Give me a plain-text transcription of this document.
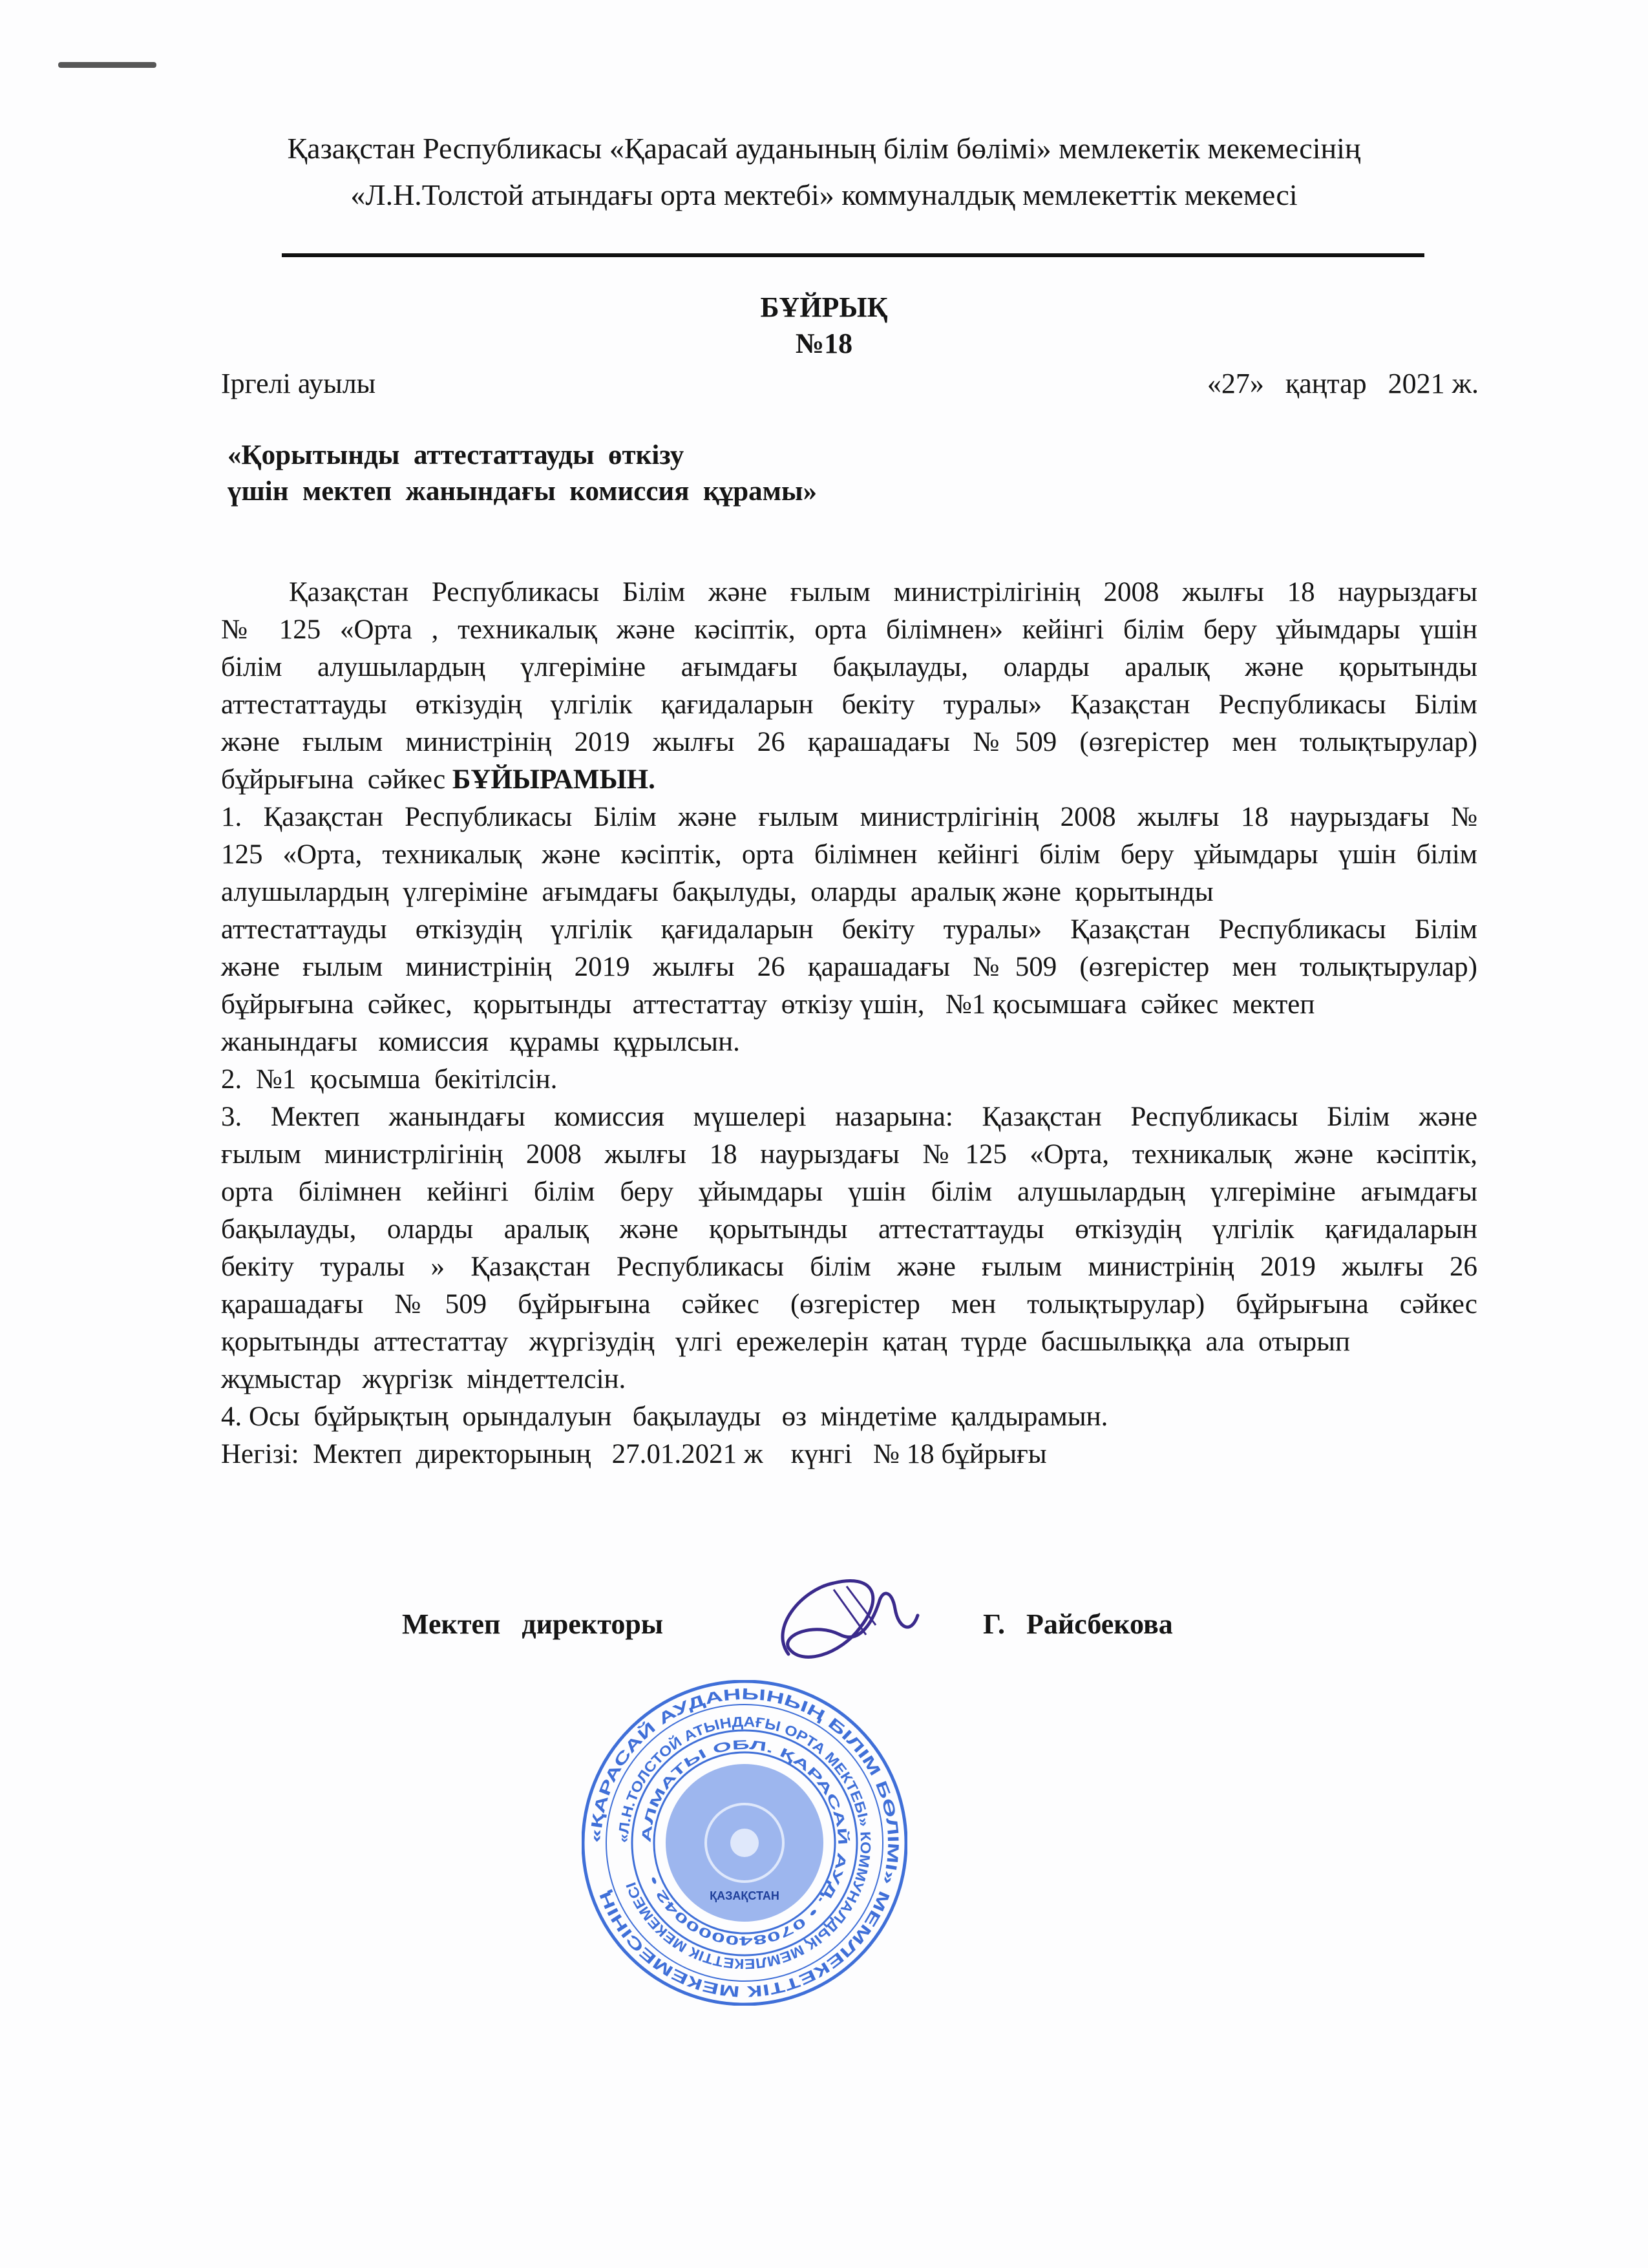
Қазақстан Республикасы «Қарасай ауданының білім бөлімі» мемлекетік мекемесінің
«Л.Н.Толстой атындағы орта мектебі» коммуналдық мемлекеттік мекемесі
БҰЙРЫҚ
№18
Іргелі ауылы	«27»   қаңтар   2021 ж.
«Қорытынды  аттестаттауды  өткізу
үшін  мектеп  жанындағы  комиссия  құрамы»
Қазақстан Республикасы Білім және ғылым министрілігінің 2008 жылғы 18 наурыздағы
№ 125 «Орта , техникалық және кәсіптік, орта білімнен» кейінгі білім беру ұйымдары үшін
білім алушылардың үлгеріміне ағымдағы бақылауды, оларды аралық және қорытынды
аттестаттауды өткізудің үлгілік қағидаларын бекіту туралы» Қазақстан Республикасы Білім
және ғылым министрінің 2019 жылғы 26 қарашадағы №509 (өзгерістер мен толықтырулар)
бұйрығына  сәйкес БҰЙЫРАМЫН.
1. Қазақстан Республикасы Білім және ғылым министрлігінің 2008 жылғы 18 наурыздағы №
125 «Орта, техникалық және кәсіптік, орта білімнен кейінгі білім беру ұйымдары үшін білім
алушылардың  үлгеріміне  ағымдағы  бақылуды,  оларды  аралық және  қорытынды
аттестаттауды өткізудің үлгілік қағидаларын бекіту туралы» Қазақстан Республикасы Білім
және ғылым министрінің 2019 жылғы 26 қарашадағы №509 (өзгерістер мен толықтырулар)
бұйрығына  сәйкес,   қорытынды   аттестаттау  өткізу үшін,   №1 қосымшаға  сәйкес  мектеп
жанындағы   комиссия   құрамы  құрылсын.
2.  №1  қосымша  бекітілсін.
3. Мектеп жанындағы комиссия мүшелері назарына: Қазақстан Республикасы Білім және
ғылым министрлігінің 2008 жылғы 18 наурыздағы №125 «Орта, техникалық және кәсіптік,
орта білімнен кейінгі білім беру ұйымдары үшін білім алушылардың үлгеріміне ағымдағы
бақылауды, оларды аралық және қорытынды аттестаттауды өткізудің үлгілік қағидаларын
бекіту туралы » Қазақстан Республикасы білім және ғылым министрінің 2019 жылғы 26
қарашадағы №509 бұйрығына сәйкес (өзгерістер мен толықтырулар) бұйрығына сәйкес
қорытынды  аттестаттау   жүргізудің   үлгі  ережелерін  қатаң  түрде  басшылыққа  ала  отырып
жұмыстар   жүргізк  міндеттелсін.
4. Осы  бұйрықтың  орындалуын   бақылауды   өз  міндетіме  қалдырамын.
Негізі:  Мектеп  директорының   27.01.2021 ж    күнгі   № 18 бұйрығы
Мектеп   директоры	Г.   Райсбекова
«ҚАРАСАЙ АУДАНЫНЫҢ БІЛІМ БӨЛІМІ» МЕМЛЕКЕТТІК МЕКЕМЕСІНІҢ
«Л.Н.ТОЛСТОЙ АТЫНДАҒЫ ОРТА МЕКТЕБІ» КОММУНАЛДЫҚ МЕМЛЕКЕТТІК МЕКЕМЕСІ
АЛМАТЫ ОБЛ. ҚАРАСАЙ АУД. • 070840000042 •
ҚАЗАҚСТАН
